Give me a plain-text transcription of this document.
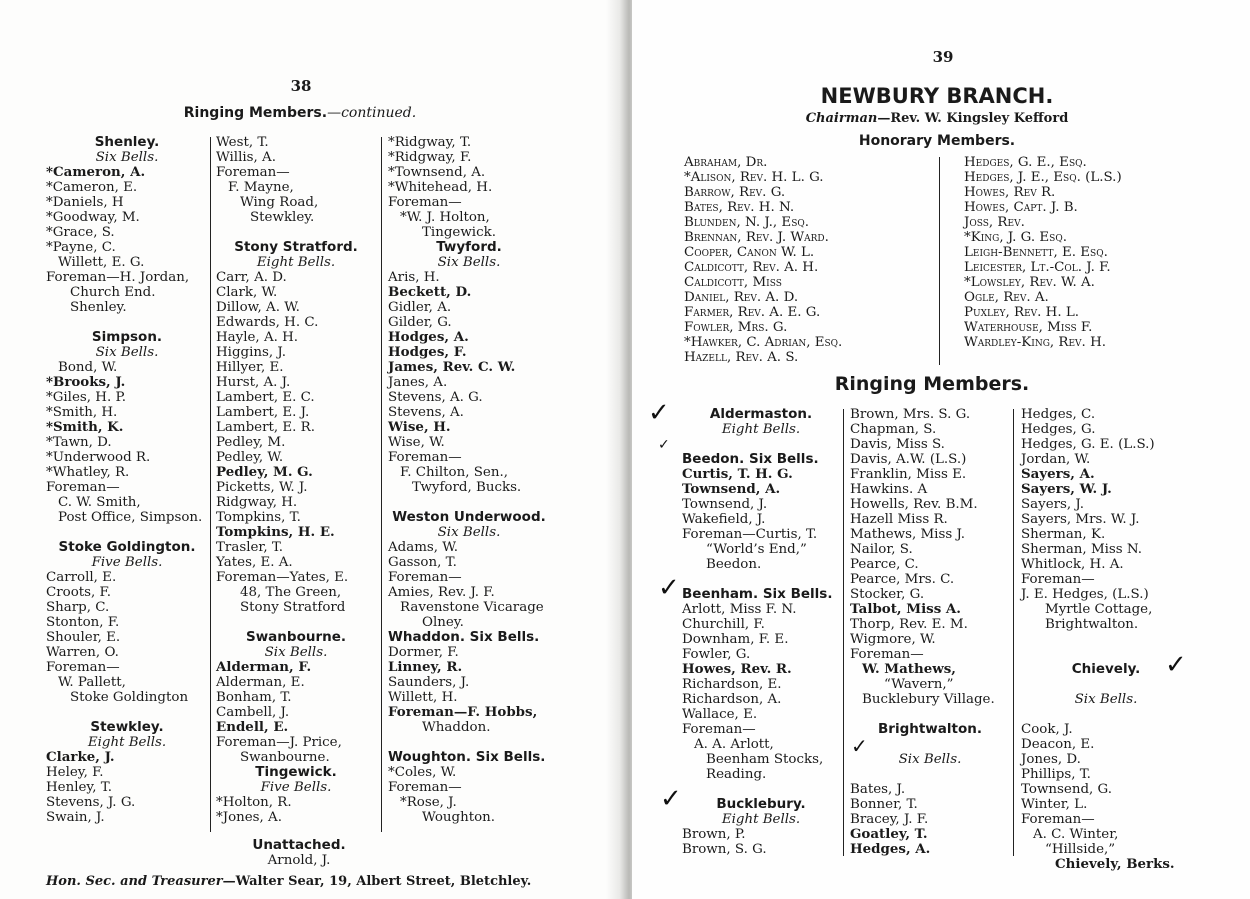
38
Ringing Members.—continued.
Shenley.
Six Bells.
*Cameron, A.
*Cameron, E.
*Daniels, H
*Goodway, M.
*Grace, S.
*Payne, C.
Willett, E. G.
Foreman—H. Jordan,
Church End.
Shenley.
Simpson.
Six Bells.
Bond, W.
*Brooks, J.
*Giles, H. P.
*Smith, H.
*Smith, K.
*Tawn, D.
*Underwood R.
*Whatley, R.
Foreman—
C. W. Smith,
Post Office, Simpson.
Stoke Goldington.
Five Bells.
Carroll, E.
Croots, F.
Sharp, C.
Stonton, F.
Shouler, E.
Warren, O.
Foreman—
W. Pallett,
Stoke Goldington
Stewkley.
Eight Bells.
Clarke, J.
Heley, F.
Henley, T.
Stevens, J. G.
Swain, J.
West, T.
Willis, A.
Foreman—
F. Mayne,
Wing Road,
Stewkley.
Stony Stratford.
Eight Bells.
Carr, A. D.
Clark, W.
Dillow, A. W.
Edwards, H. C.
Hayle, A. H.
Higgins, J.
Hillyer, E.
Hurst, A. J.
Lambert, E. C.
Lambert, E. J.
Lambert, E. R.
Pedley, M.
Pedley, W.
Pedley, M. G.
Picketts, W. J.
Ridgway, H.
Tompkins, T.
Tompkins, H. E.
Trasler, T.
Yates, E. A.
Foreman—Yates, E.
48, The Green,
Stony Stratford
Swanbourne.
Six Bells.
Alderman, F.
Alderman, E.
Bonham, T.
Cambell, J.
Endell, E.
Foreman—J. Price,
Swanbourne.
Tingewick.
Five Bells.
*Holton, R.
*Jones, A.
*Ridgway, T.
*Ridgway, F.
*Townsend, A.
*Whitehead, H.
Foreman—
*W. J. Holton,
Tingewick.
Twyford.
Six Bells.
Aris, H.
Beckett, D.
Gidler, A.
Gilder, G.
Hodges, A.
Hodges, F.
James, Rev. C. W.
Janes, A.
Stevens, A. G.
Stevens, A.
Wise, H.
Wise, W.
Foreman—
F. Chilton, Sen.,
Twyford, Bucks.
Weston Underwood.
Six Bells.
Adams, W.
Gasson, T.
Foreman—
Amies, Rev. J. F.
Ravenstone Vicarage
Olney.
Whaddon. Six Bells.
Dormer, F.
Linney, R.
Saunders, J.
Willett, H.
Foreman—F. Hobbs,
Whaddon.
Woughton. Six Bells.
*Coles, W.
Foreman—
*Rose, J.
Woughton.
Unattached.
Arnold, J.
Hon. Sec. and Treasurer—Walter Sear, 19, Albert Street, Bletchley.
39
NEWBURY BRANCH.
Chairman—Rev. W. Kingsley Kefford
Honorary Members.
Abraham, Dr.
*Alison, Rev. H. L. G.
Barrow, Rev. G.
Bates, Rev. H. N.
Blunden, N. J., Esq.
Brennan, Rev. J. Ward.
Cooper, Canon W. L.
Caldicott, Rev. A. H.
Caldicott, Miss
Daniel, Rev. A. D.
Farmer, Rev. A. E. G.
Fowler, Mrs. G.
*Hawker, C. Adrian, Esq.
Hazell, Rev. A. S.
Hedges, G. E., Esq.
Hedges, J. E., Esq. (L.S.)
Howes, Rev R.
Howes, Capt. J. B.
Joss, Rev.
*King, J. G. Esq.
Leigh-Bennett, E. Esq.
Leicester, Lt.-Col. J. F.
*Lowsley, Rev. W. A.
Ogle, Rev. A.
Puxley, Rev. H. L.
Waterhouse, Miss F.
Wardley-King, Rev. H.
Ringing Members.
Aldermaston.
Eight Bells.
Beedon. Six Bells.
Curtis, T. H. G.
Townsend, A.
Townsend, J.
Wakefield, J.
Foreman—Curtis, T.
“World’s End,”
Beedon.
Beenham. Six Bells.
Arlott, Miss F. N.
Churchill, F.
Downham, F. E.
Fowler, G.
Howes, Rev. R.
Richardson, E.
Richardson, A.
Wallace, E.
Foreman—
A. A. Arlott,
Beenham Stocks,
Reading.
Bucklebury.
Eight Bells.
Brown, P.
Brown, S. G.
Brown, Mrs. S. G.
Chapman, S.
Davis, Miss S.
Davis, A.W. (L.S.)
Franklin, Miss E.
Hawkins. A
Howells, Rev. B.M.
Hazell Miss R.
Mathews, Miss J.
Nailor, S.
Pearce, C.
Pearce, Mrs. C.
Stocker, G.
Talbot, Miss A.
Thorp, Rev. E. M.
Wigmore, W.
Foreman—
W. Mathews,
“Wavern,”
Bucklebury Village.
Brightwalton.
Six Bells.
Bates, J.
Bonner, T.
Bracey, J. F.
Goatley, T.
Hedges, A.
Hedges, C.
Hedges, G.
Hedges, G. E. (L.S.)
Jordan, W.
Sayers, A.
Sayers, W. J.
Sayers, J.
Sayers, Mrs. W. J.
Sherman, K.
Sherman, Miss N.
Whitlock, H. A.
Foreman—
J. E. Hedges, (L.S.)
Myrtle Cottage,
Brightwalton.
Chievely.
Six Bells.
Cook, J.
Deacon, E.
Jones, D.
Phillips, T.
Townsend, G.
Winter, L.
Foreman—
A. C. Winter,
“Hillside,”
Chievely, Berks.
✓
✓
✓
✓
✓
✓
